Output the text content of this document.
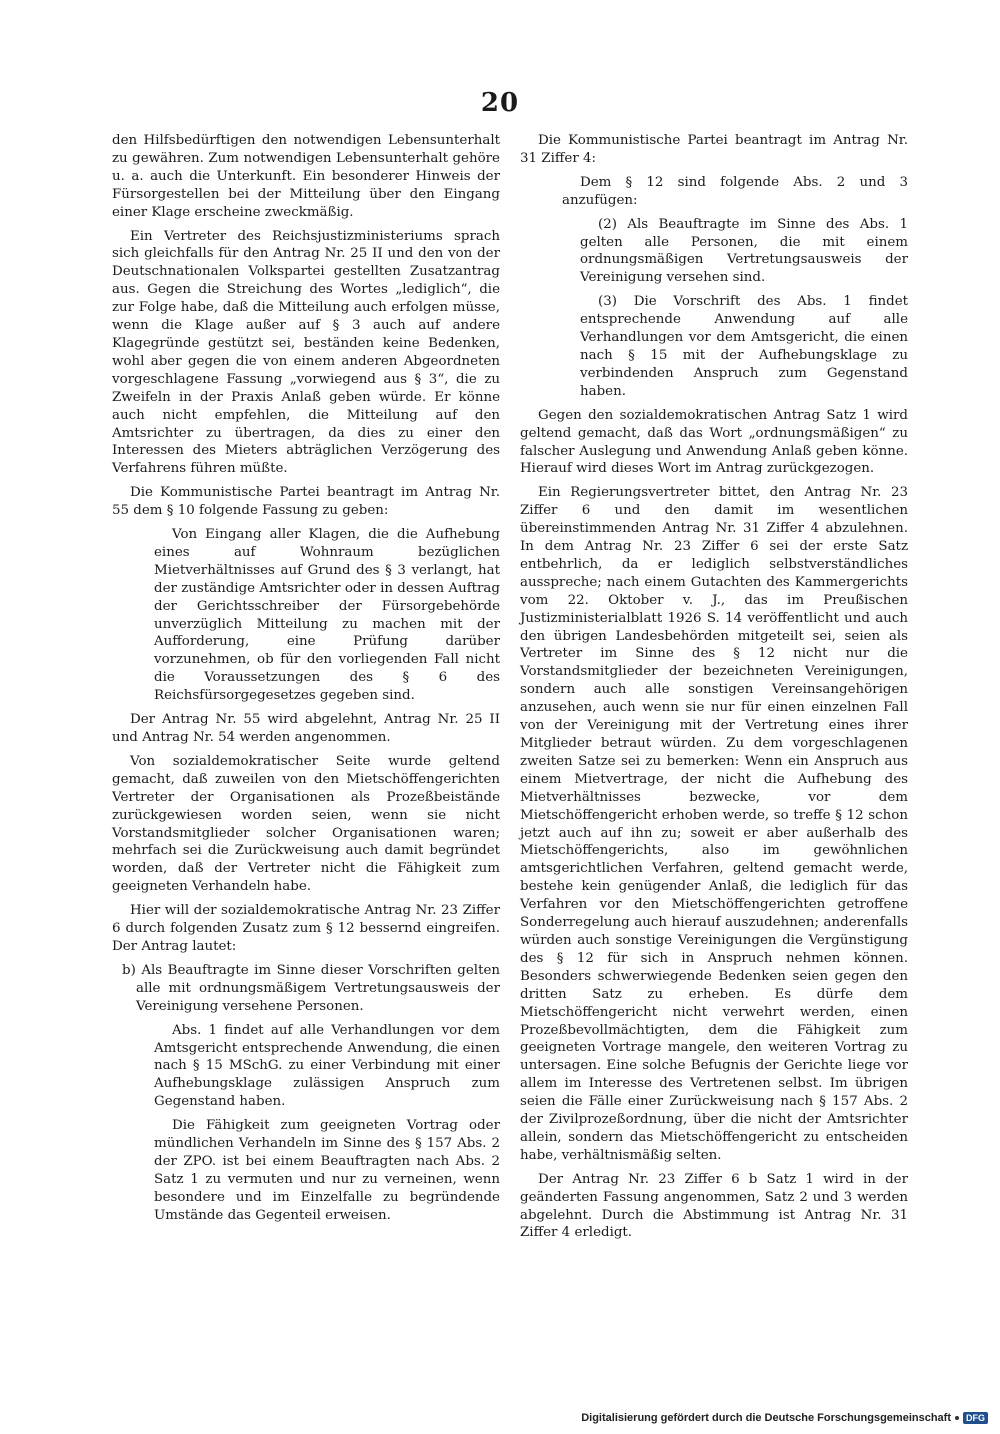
20

den Hilfsbedürftigen den notwendigen Lebensunterhalt zu gewähren. Zum notwendigen Lebensunterhalt gehöre u. a. auch die Unterkunft. Ein besonderer Hinweis der Fürsorgestellen bei der Mitteilung über den Eingang einer Klage erscheine zweckmäßig.

Ein Vertreter des Reichsjustizministeriums sprach sich gleichfalls für den Antrag Nr. 25 II und den von der Deutschnationalen Volkspartei gestellten Zusatzantrag aus. Gegen die Streichung des Wortes „lediglich“, die zur Folge habe, daß die Mitteilung auch erfolgen müsse, wenn die Klage außer auf § 3 auch auf andere Klagegründe gestützt sei, beständen keine Bedenken, wohl aber gegen die von einem anderen Abgeordneten vorgeschlagene Fassung „vorwiegend aus § 3“, die zu Zweifeln in der Praxis Anlaß geben würde. Er könne auch nicht empfehlen, die Mitteilung auf den Amtsrichter zu übertragen, da dies zu einer den Interessen des Mieters abträglichen Verzögerung des Verfahrens führen müßte.

Die Kommunistische Partei beantragt im Antrag Nr. 55 dem § 10 folgende Fassung zu geben:

Von Eingang aller Klagen, die die Aufhebung eines auf Wohnraum bezüglichen Mietverhältnisses auf Grund des § 3 verlangt, hat der zuständige Amtsrichter oder in dessen Auftrag der Gerichtsschreiber der Fürsorgebehörde unverzüglich Mitteilung zu machen mit der Aufforderung, eine Prüfung darüber vorzunehmen, ob für den vorliegenden Fall nicht die Voraussetzungen des § 6 des Reichsfürsorgegesetzes gegeben sind.

Der Antrag Nr. 55 wird abgelehnt, Antrag Nr. 25 II und Antrag Nr. 54 werden angenommen.

Von sozialdemokratischer Seite wurde geltend gemacht, daß zuweilen von den Mietschöffengerichten Vertreter der Organisationen als Prozeßbeistände zurückgewiesen worden seien, wenn sie nicht Vorstandsmitglieder solcher Organisationen waren; mehrfach sei die Zurückweisung auch damit begründet worden, daß der Vertreter nicht die Fähigkeit zum geeigneten Verhandeln habe.

Hier will der sozialdemokratische Antrag Nr. 23 Ziffer 6 durch folgenden Zusatz zum § 12 bessernd eingreifen. Der Antrag lautet:

b) Als Beauftragte im Sinne dieser Vorschriften gelten alle mit ordnungsmäßigem Vertretungsausweis der Vereinigung versehene Personen.

Abs. 1 findet auf alle Verhandlungen vor dem Amtsgericht entsprechende Anwendung, die einen nach § 15 MSchG. zu einer Verbindung mit einer Aufhebungsklage zulässigen Anspruch zum Gegenstand haben.

Die Fähigkeit zum geeigneten Vortrag oder mündlichen Verhandeln im Sinne des § 157 Abs. 2 der ZPO. ist bei einem Beauftragten nach Abs. 2 Satz 1 zu vermuten und nur zu verneinen, wenn besondere und im Einzelfalle zu begründende Umstände das Gegenteil erweisen.

Die Kommunistische Partei beantragt im Antrag Nr. 31 Ziffer 4:

Dem § 12 sind folgende Abs. 2 und 3 anzufügen:

(2) Als Beauftragte im Sinne des Abs. 1 gelten alle Personen, die mit einem ordnungsmäßigen Vertretungsausweis der Vereinigung versehen sind.

(3) Die Vorschrift des Abs. 1 findet entsprechende Anwendung auf alle Verhandlungen vor dem Amtsgericht, die einen nach § 15 mit der Aufhebungsklage zu verbindenden Anspruch zum Gegenstand haben.

Gegen den sozialdemokratischen Antrag Satz 1 wird geltend gemacht, daß das Wort „ordnungsmäßigen“ zu falscher Auslegung und Anwendung Anlaß geben könne. Hierauf wird dieses Wort im Antrag zurückgezogen.

Ein Regierungsvertreter bittet, den Antrag Nr. 23 Ziffer 6 und den damit im wesentlichen übereinstimmenden Antrag Nr. 31 Ziffer 4 abzulehnen. In dem Antrag Nr. 23 Ziffer 6 sei der erste Satz entbehrlich, da er lediglich selbstverständliches ausspreche; nach einem Gutachten des Kammergerichts vom 22. Oktober v. J., das im Preußischen Justizministerialblatt 1926 S. 14 veröffentlicht und auch den übrigen Landesbehörden mitgeteilt sei, seien als Vertreter im Sinne des § 12 nicht nur die Vorstandsmitglieder der bezeichneten Vereinigungen, sondern auch alle sonstigen Vereinsangehörigen anzusehen, auch wenn sie nur für einen einzelnen Fall von der Vereinigung mit der Vertretung eines ihrer Mitglieder betraut würden. Zu dem vorgeschlagenen zweiten Satze sei zu bemerken: Wenn ein Anspruch aus einem Mietvertrage, der nicht die Aufhebung des Mietverhältnisses bezwecke, vor dem Mietschöffengericht erhoben werde, so treffe § 12 schon jetzt auch auf ihn zu; soweit er aber außerhalb des Mietschöffengerichts, also im gewöhnlichen amtsgerichtlichen Verfahren, geltend gemacht werde, bestehe kein genügender Anlaß, die lediglich für das Verfahren vor den Mietschöffengerichten getroffene Sonderregelung auch hierauf auszudehnen; anderenfalls würden auch sonstige Vereinigungen die Vergünstigung des § 12 für sich in Anspruch nehmen können. Besonders schwerwiegende Bedenken seien gegen den dritten Satz zu erheben. Es dürfe dem Mietschöffengericht nicht verwehrt werden, einen Prozeßbevollmächtigten, dem die Fähigkeit zum geeigneten Vortrage mangele, den weiteren Vortrag zu untersagen. Eine solche Befugnis der Gerichte liege vor allem im Interesse des Vertretenen selbst. Im übrigen seien die Fälle einer Zurückweisung nach § 157 Abs. 2 der Zivilprozeßordnung, über die nicht der Amtsrichter allein, sondern das Mietschöffengericht zu entscheiden habe, verhältnismäßig selten.

Der Antrag Nr. 23 Ziffer 6 b Satz 1 wird in der geänderten Fassung angenommen, Satz 2 und 3 werden abgelehnt. Durch die Abstimmung ist Antrag Nr. 31 Ziffer 4 erledigt.

Digitalisierung gefördert durch die Deutsche Forschungsgemeinschaft	DFG
